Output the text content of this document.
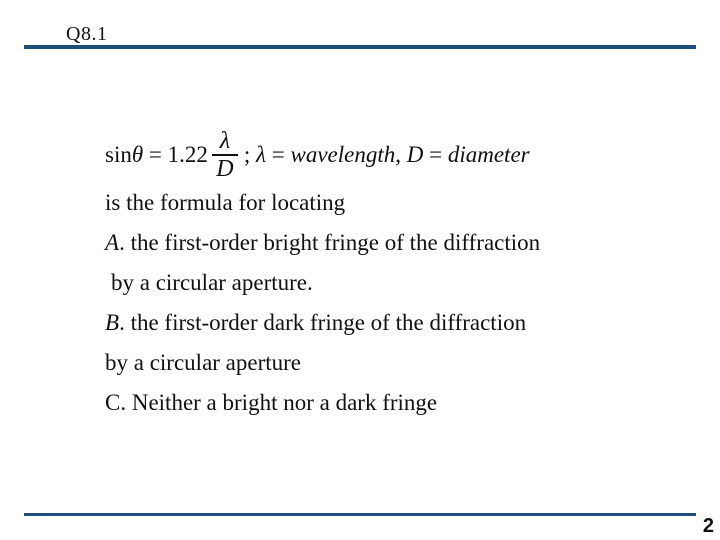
Q8.1
$\sin \theta = 1.22 \frac{\lambda}{D}$ ; λ = wavelength , D = diameter
is the formula for locating
A. the first-order bright fringe of the diffraction
by a circular aperture.
B. the first-order dark fringe of the diffraction
by a circular aperture
C. Neither a bright nor a dark fringe
2
